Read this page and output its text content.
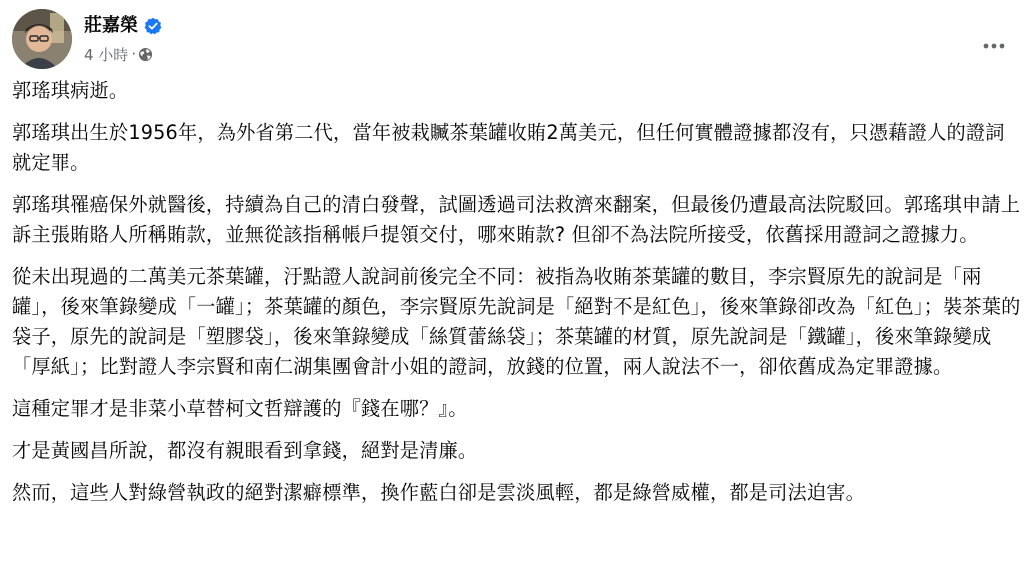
莊嘉榮
4 小時 ·

郭瑤琪病逝。

郭瑤琪出生於1956年，為外省第二代，當年被栽贓茶葉罐收賄2萬美元，但任何實體證據都沒有，只憑藉證人的證詞就定罪。

郭瑤琪罹癌保外就醫後，持續為自己的清白發聲，試圖透過司法救濟來翻案，但最後仍遭最高法院駁回。郭瑤琪申請上訴主張賄賂人所稱賄款，並無從該指稱帳戶提領交付，哪來賄款? 但卻不為法院所接受，依舊採用證詞之證據力。

從未出現過的二萬美元茶葉罐，汙點證人說詞前後完全不同：被指為收賄茶葉罐的數目，李宗賢原先的說詞是「兩罐」，後來筆錄變成「一罐」；茶葉罐的顏色，李宗賢原先說詞是「絕對不是紅色」，後來筆錄卻改為「紅色」；裝茶葉的袋子，原先的說詞是「塑膠袋」，後來筆錄變成「絲質蕾絲袋」；茶葉罐的材質，原先說詞是「鐵罐」，後來筆錄變成「厚紙」；比對證人李宗賢和南仁湖集團會計小姐的證詞，放錢的位置，兩人說法不一，卻依舊成為定罪證據。

這種定罪才是非菜小草替柯文哲辯護的『錢在哪？』。

才是黃國昌所說，都沒有親眼看到拿錢，絕對是清廉。

然而，這些人對綠營執政的絕對潔癖標準，換作藍白卻是雲淡風輕，都是綠營威權，都是司法迫害。
